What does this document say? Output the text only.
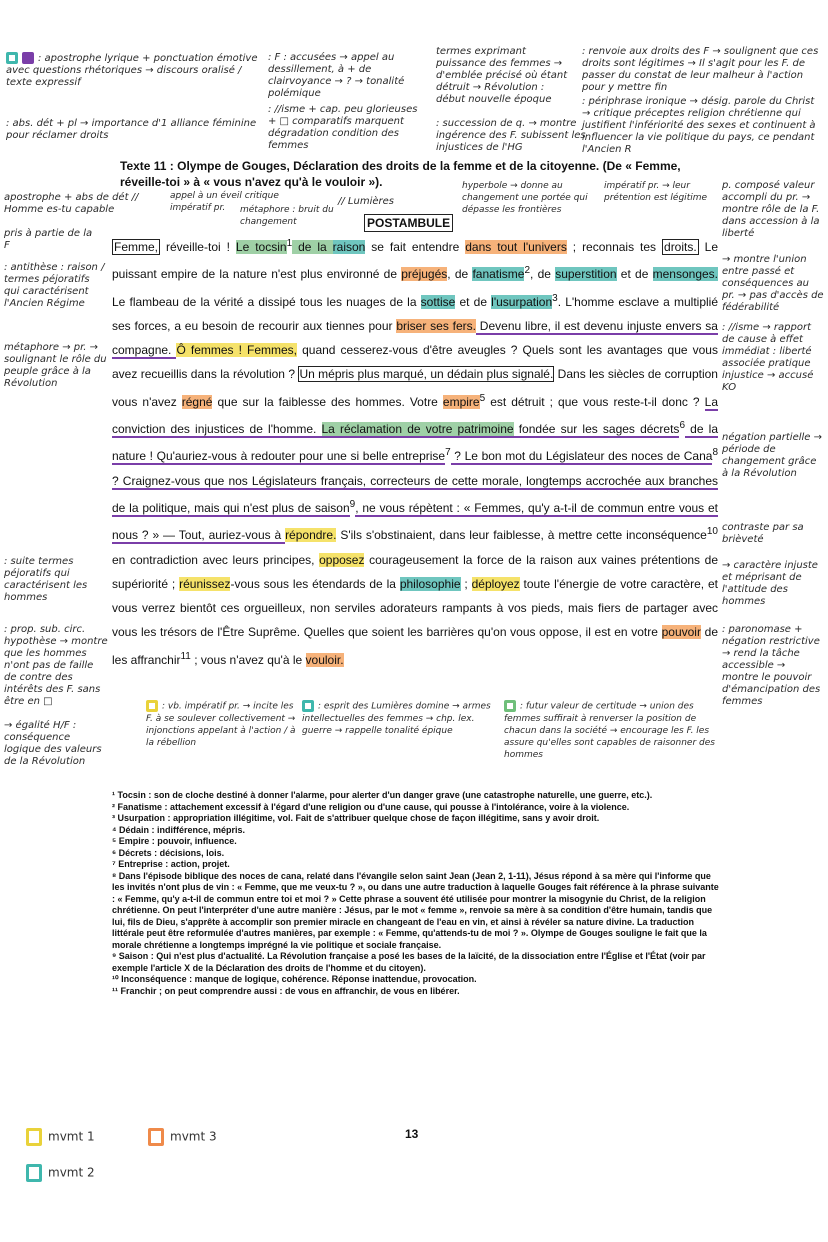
: apostrophe lyrique + ponctuation émotive avec questions rhétoriques → discours oralisé / texte expressif
: abs. dét + pl → importance d'1 alliance féminine pour réclamer droits
: F : accusées → appel au dessillement, à + de clairvoyance → ? → tonalité polémique
: //isme + cap. peu glorieuses + □ comparatifs marquent dégradation condition des femmes
termes exprimant puissance des femmes → d'emblée précisé où étant détruit → Révolution : début nouvelle époque
: succession de q. → montre ingérence des F. subissent les injustices de l'HG
: renvoie aux droits des F → soulignent que ces droits sont légitimes → Il s'agit pour les F. de passer du constat de leur malheur à l'action pour y mettre fin
: périphrase ironique → désig. parole du Christ → critique préceptes religion chrétienne qui justifient l'infériorité des sexes et continuent à influencer la vie politique du pays, ce pendant l'Ancien R
Texte 11 : Olympe de Gouges, Déclaration des droits de la femme et de la citoyenne. (De « Femme, réveille-toi » à « vous n'avez qu'à le vouloir »).
apostrophe + abs de dét // Homme es-tu capable
appel à un éveil critique impératif pr.	métaphore : bruit du changement
// Lumières
hyperbole → donne au changement une portée qui dépasse les frontières
impératif pr. → leur prétention est légitime
p. composé valeur accompli du pr. → montre rôle de la F. dans accession à la liberté
POSTAMBULE
Femme, réveille-toi ! Le tocsin$^1$ de la raison se fait entendre dans tout l'univers ; reconnais tes droits. Le puissant empire de la nature n'est plus environné de préjugés, de fanatisme$^2$, de superstition et de mensonges. Le flambeau de la vérité a dissipé tous les nuages de la sottise et de l'usurpation$^3$. L'homme esclave a multiplié ses forces, a eu besoin de recourir aux tiennes pour briser ses fers. Devenu libre, il est devenu injuste envers sa compagne. Ô femmes ! Femmes, quand cesserez-vous d'être aveugles ? Quels sont les avantages que vous avez recueillis dans la révolution ? Un mépris plus marqué, un dédain plus signalé. Dans les siècles de corruption vous n'avez régné que sur la faiblesse des hommes. Votre empire$^5$ est détruit ; que vous reste-t-il donc ? La conviction des injustices de l'homme. La réclamation de votre patrimoine fondée sur les sages décrets$^6$ de la nature ! Qu'auriez-vous à redouter pour une si belle entreprise$^7$ ? Le bon mot du Législateur des noces de Cana$^8$ ? Craignez-vous que nos Législateurs français, correcteurs de cette morale, longtemps accrochée aux branches de la politique, mais qui n'est plus de saison$^9$, ne vous répètent : « Femmes, qu'y a-t-il de commun entre vous et nous ? » — Tout, auriez-vous à répondre. S'ils s'obstinaient, dans leur faiblesse, à mettre cette inconséquence$^{10}$ en contradiction avec leurs principes, opposez courageusement la force de la raison aux vaines prétentions de supériorité ; réunissez-vous sous les étendards de la philosophie ; déployez toute l'énergie de votre caractère, et vous verrez bientôt ces orgueilleux, non serviles adorateurs rampants à vos pieds, mais fiers de partager avec vous les trésors de l'Être Suprême. Quelles que soient les barrières qu'on vous oppose, il est en votre pouvoir de les affranchir$^{11}$ ; vous n'avez qu'à le vouloir.
pris à partie de la F
: antithèse : raison / termes péjoratifs qui caractérisent l'Ancien Régime
métaphore → pr. → soulignant le rôle du peuple grâce à la Révolution
: suite termes péjoratifs qui caractérisent les hommes
: prop. sub. circ. hypothèse → montre que les hommes n'ont pas de faille de contre des intérêts des F. sans être en □
→ égalité H/F : conséquence logique des valeurs de la Révolution
→ montre l'union entre passé et conséquences au pr. → pas d'accès de fédérabilité
: //isme → rapport de cause à effet immédiat : liberté associée pratique injustice → accusé KO
négation partielle → période de changement grâce à la Révolution
contraste par sa brièveté
→ caractère injuste et méprisant de l'attitude des hommes
: paronomase + négation restrictive → rend la tâche accessible → montre le pouvoir d'émancipation des femmes
: vb. impératif pr. → incite les F. à se soulever collectivement → injonctions appelant à l'action / à la rébellion
: esprit des Lumières domine → armes intellectuelles des femmes → chp. lex. guerre → rappelle tonalité épique
: futur valeur de certitude → union des femmes suffirait à renverser la position de chacun dans la société → encourage les F. les assure qu'elles sont capables de raisonner des hommes

¹ Tocsin : son de cloche destiné à donner l'alarme, pour alerter d'un danger grave (une catastrophe naturelle, une guerre, etc.).

² Fanatisme : attachement excessif à l'égard d'une religion ou d'une cause, qui pousse à l'intolérance, voire à la violence.

³ Usurpation : appropriation illégitime, vol. Fait de s'attribuer quelque chose de façon illégitime, sans y avoir droit.

⁴ Dédain : indifférence, mépris.

⁵ Empire : pouvoir, influence.

⁶ Décrets : décisions, lois.

⁷ Entreprise : action, projet.

⁸ Dans l'épisode biblique des noces de cana, relaté dans l'évangile selon saint Jean (Jean 2, 1-11), Jésus répond à sa mère qui l'informe que les invités n'ont plus de vin : « Femme, que me veux-tu ? », ou dans une autre traduction à laquelle Gouges fait référence à la phrase suivante : « Femme, qu'y a-t-il de commun entre toi et moi ? » Cette phrase a souvent été utilisée pour montrer la misogynie du Christ, de la religion chrétienne. On peut l'interpréter d'une autre manière : Jésus, par le mot « femme », renvoie sa mère à sa condition d'être humain, tandis que lui, fils de Dieu, s'apprête à accomplir son premier miracle en changeant de l'eau en vin, et ainsi à révéler sa nature divine. La traduction littérale peut être reformulée d'autres manières, par exemple : « Femme, qu'attends-tu de moi ? ». Olympe de Gouges souligne le fait que la morale chrétienne a longtemps imprégné la vie politique et sociale française.

⁹ Saison : Qui n'est plus d'actualité. La Révolution française a posé les bases de la laïcité, de la dissociation entre l'Église et l'État (voir par exemple l'article X de la Déclaration des droits de l'homme et du citoyen).

¹⁰ Inconséquence : manque de logique, cohérence. Réponse inattendue, provocation.

¹¹ Franchir ; on peut comprendre aussi : de vous en affranchir, de vous en libérer.

mvmt 1	mvmt 3
mvmt 2
13
